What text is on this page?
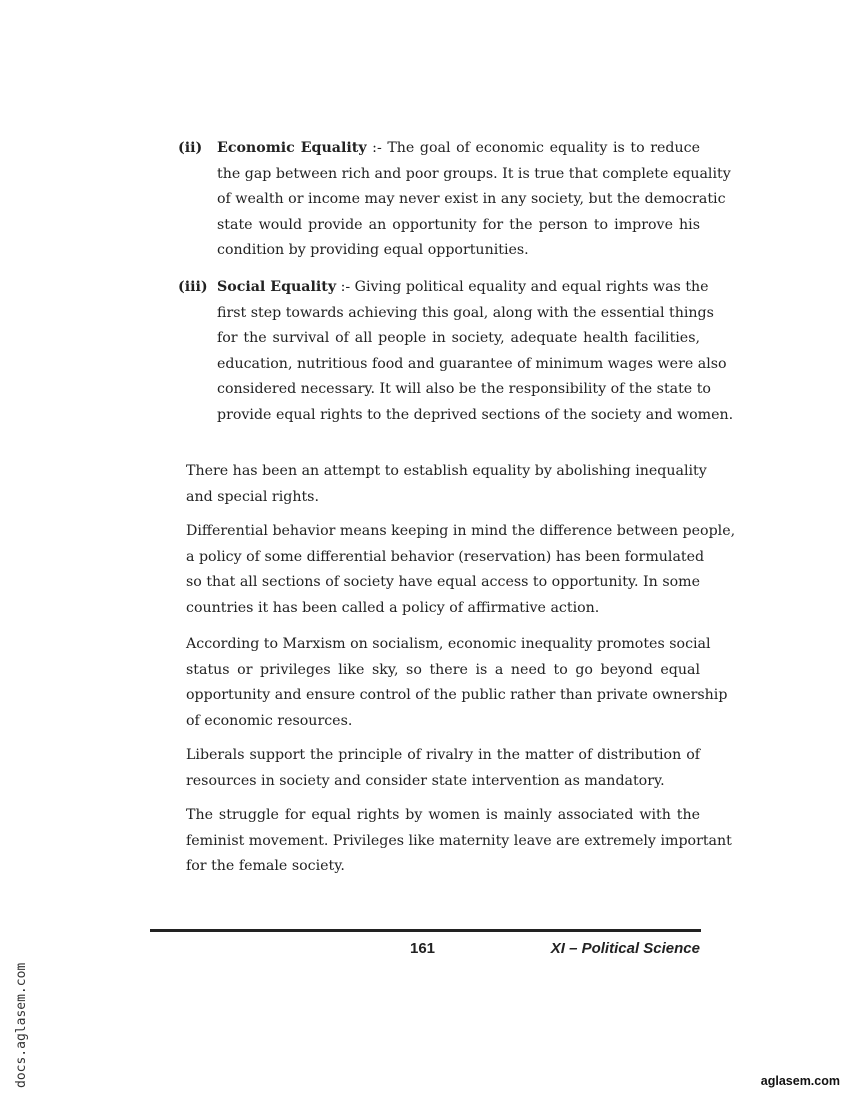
(ii) Economic Equality :- The goal of economic equality is to reduce
the gap between rich and poor groups. It is true that complete equality
of wealth or income may never exist in any society, but the democratic
state would provide an opportunity for the person to improve his
condition by providing equal opportunities.
(iii) Social Equality :- Giving political equality and equal rights was the
first step towards achieving this goal, along with the essential things
for the survival of all people in society, adequate health facilities,
education, nutritious food and guarantee of minimum wages were also
considered necessary. It will also be the responsibility of the state to
provide equal rights to the deprived sections of the society and women.
There has been an attempt to establish equality by abolishing inequality
and special rights.
Differential behavior means keeping in mind the difference between people,
a policy of some differential behavior (reservation) has been formulated
so that all sections of society have equal access to opportunity. In some
countries it has been called a policy of affirmative action.
According to Marxism on socialism, economic inequality promotes social
status or privileges like sky, so there is a need to go beyond equal
opportunity and ensure control of the public rather than private ownership
of economic resources.
Liberals support the principle of rivalry in the matter of distribution of
resources in society and consider state intervention as mandatory.
The struggle for equal rights by women is mainly associated with the
feminist movement. Privileges like maternity leave are extremely important
for the female society.
161	XI – Political Science
docs.aglasem.com	aglasem.com
